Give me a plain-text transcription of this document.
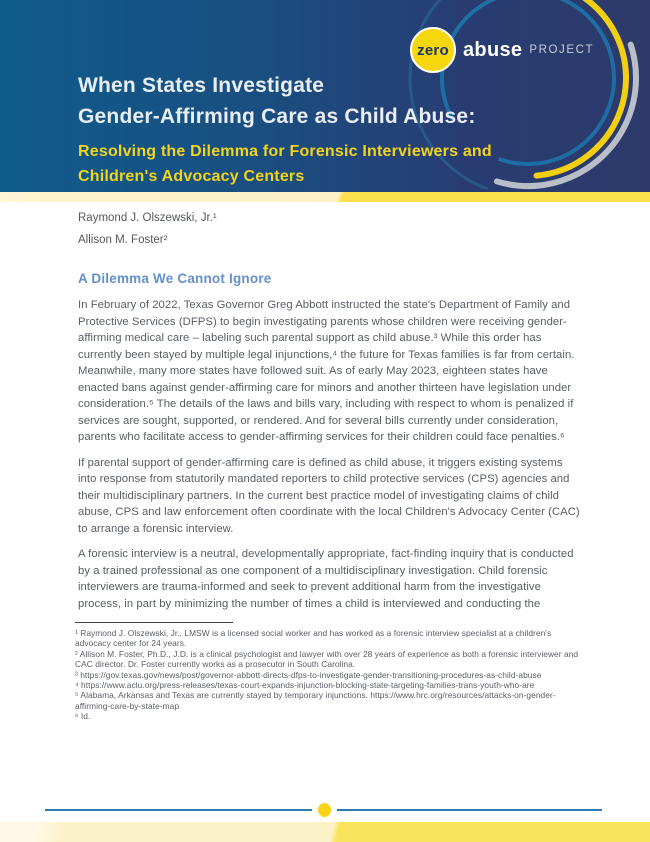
zero abuse PROJECT
When States Investigate
Gender-Affirming Care as Child Abuse:
Resolving the Dilemma for Forensic Interviewers and
Children's Advocacy Centers
Raymond J. Olszewski, Jr.¹
Allison M. Foster²
A Dilemma We Cannot Ignore

In February of 2022, Texas Governor Greg Abbott instructed the state's Department of Family and Protective Services (DFPS) to begin investigating parents whose children were receiving gender-affirming medical care – labeling such parental support as child abuse.³ While this order has currently been stayed by multiple legal injunctions,⁴ the future for Texas families is far from certain. Meanwhile, many more states have followed suit. As of early May 2023, eighteen states have enacted bans against gender-affirming care for minors and another thirteen have legislation under consideration.⁵ The details of the laws and bills vary, including with respect to whom is penalized if services are sought, supported, or rendered. And for several bills currently under consideration, parents who facilitate access to gender-affirming services for their children could face penalties.⁶

If parental support of gender-affirming care is defined as child abuse, it triggers existing systems into response from statutorily mandated reporters to child protective services (CPS) agencies and their multidisciplinary partners. In the current best practice model of investigating claims of child abuse, CPS and law enforcement often coordinate with the local Children's Advocacy Center (CAC) to arrange a forensic interview.

A forensic interview is a neutral, developmentally appropriate, fact-finding inquiry that is conducted by a trained professional as one component of a multidisciplinary investigation. Child forensic interviewers are trauma-informed and seek to prevent additional harm from the investigative process, in part by minimizing the number of times a child is interviewed and conducting the

¹ Raymond J. Olszewski, Jr., LMSW is a licensed social worker and has worked as a forensic interview specialist at a children's advocacy center for 24 years.
² Allison M. Foster, Ph.D., J.D. is a clinical psychologist and lawyer with over 28 years of experience as both a forensic interviewer and CAC director. Dr. Foster currently works as a prosecutor in South Carolina.
³ https://gov.texas.gov/news/post/governor-abbott-directs-dfps-to-investigate-gender-transitioning-procedures-as-child-abuse
⁴ https://www.aclu.org/press-releases/texas-court-expands-injunction-blocking-state-targeting-families-trans-youth-who-are
⁵ Alabama, Arkansas and Texas are currently stayed by temporary injunctions. https://www.hrc.org/resources/attacks-on-gender-affirming-care-by-state-map
⁶ Id.
